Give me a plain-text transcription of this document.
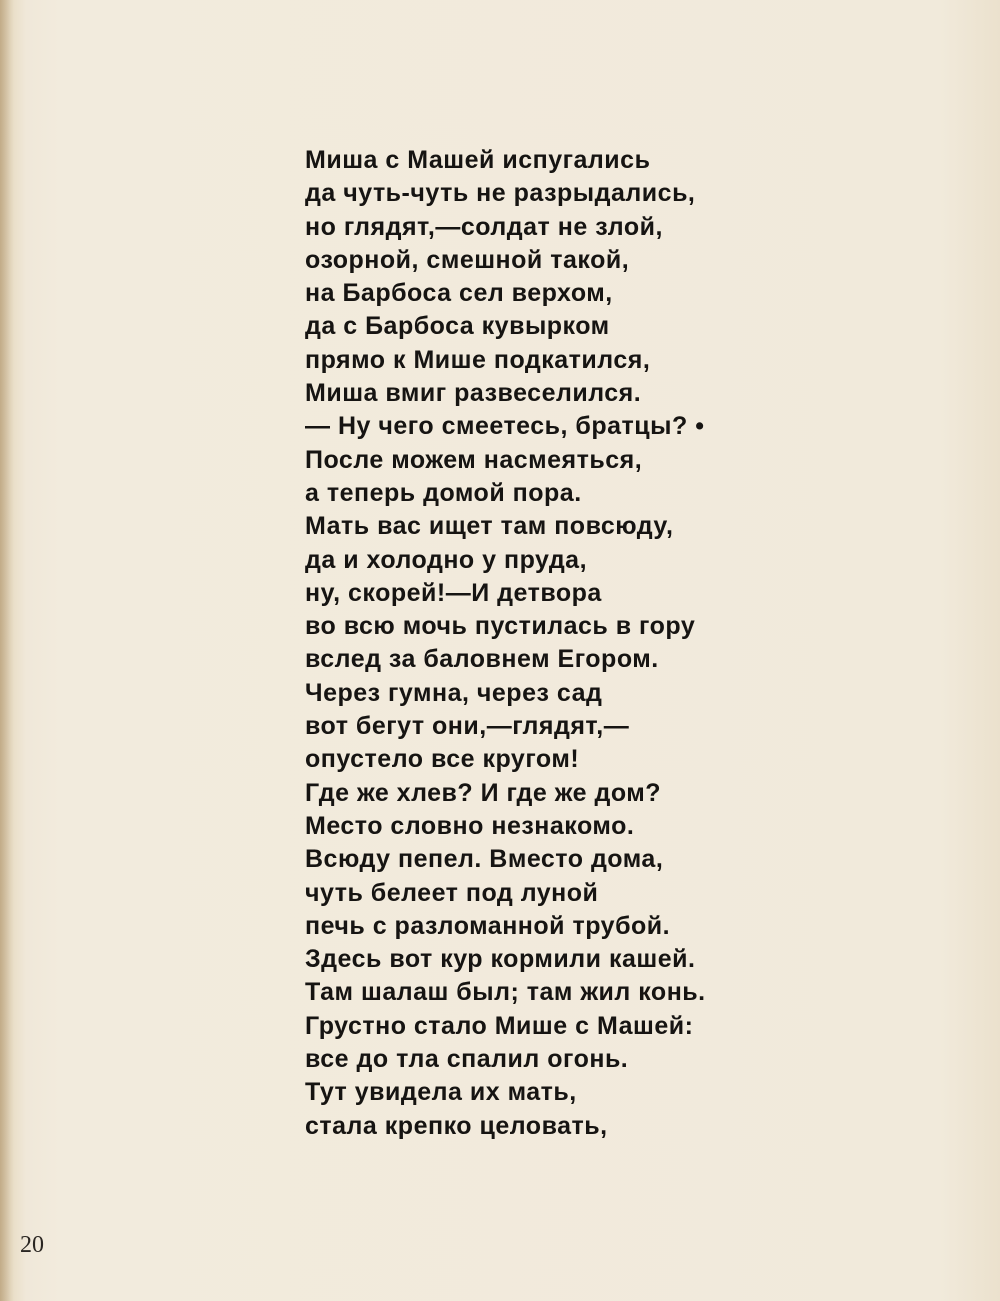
Миша с Машей испугались
да чуть-чуть не разрыдались,
но глядят,—солдат не злой,
озорной, смешной такой,
на Барбоса сел верхом,
да с Барбоса кувырком
прямо к Мише подкатился,
Миша вмиг развеселился.
— Ну чего смеетесь, братцы? •
После можем насмеяться,
а теперь домой пора.
Мать вас ищет там повсюду,
да и холодно у пруда,
ну, скорей!—И детвора
во всю мочь пустилась в гору
вслед за баловнем Егором.
Через гумна, через сад
вот бегут они,—глядят,—
опустело все кругом!
Где же хлев? И где же дом?
Место словно незнакомо.
Всюду пепел. Вместо дома,
чуть белеет под луной
печь с разломанной трубой.
Здесь вот кур кормили кашей.
Там шалаш был; там жил конь.
Грустно стало Мише с Машей:
все до тла спалил огонь.
Тут увидела их мать,
стала крепко целовать,
20
